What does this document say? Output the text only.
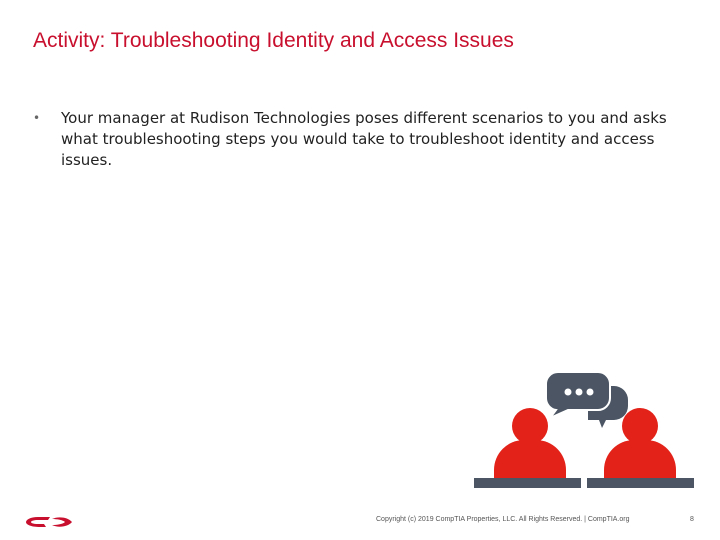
Activity: Troubleshooting Identity and Access Issues
• Your manager at Rudison Technologies poses different scenarios to you and asks what troubleshooting steps you would take to troubleshoot identity and access issues.
Copyright (c) 2019 CompTIA Properties, LLC. All Rights Reserved. | CompTIA.org	8
